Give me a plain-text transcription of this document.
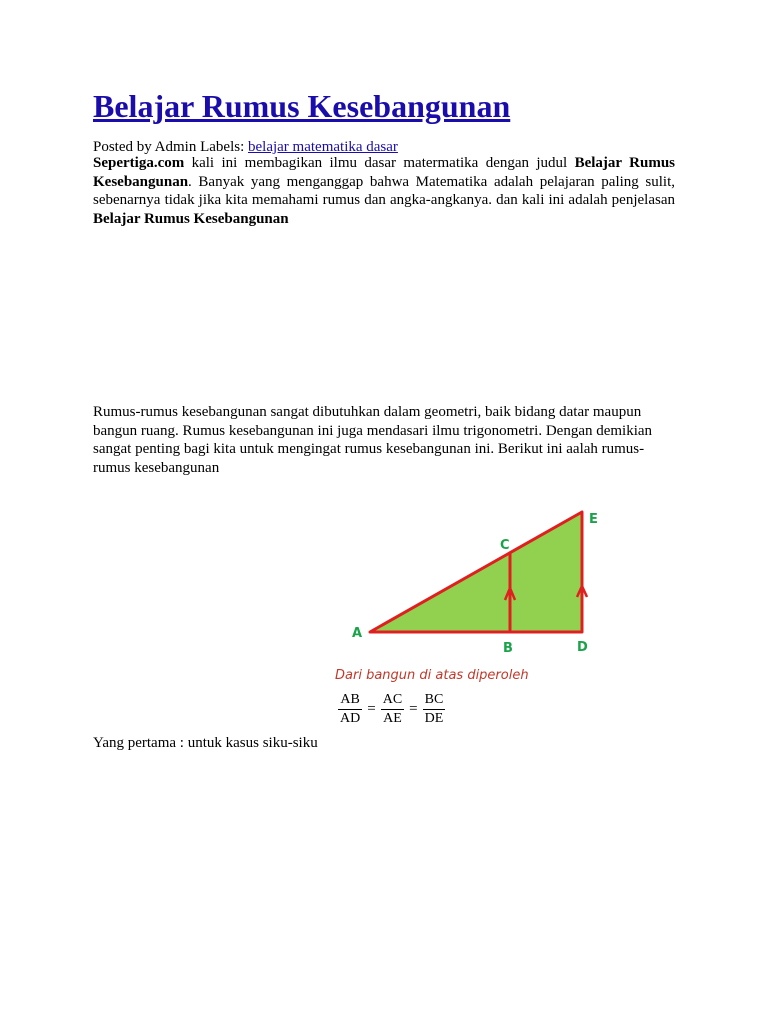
Belajar Rumus Kesebangunan
Posted by Admin Labels: belajar matematika dasar
Sepertiga.com kali ini membagikan ilmu dasar matermatika dengan judul Belajar Rumus Kesebangunan. Banyak yang menganggap bahwa Matematika adalah pelajaran paling sulit, sebenarnya tidak jika kita memahami rumus dan angka-angkanya. dan kali ini adalah penjelasan Belajar Rumus Kesebangunan

Rumus-rumus kesebangunan sangat dibutuhkan dalam geometri, baik bidang datar maupun bangun ruang. Rumus kesebangunan ini juga mendasari ilmu trigonometri. Dengan demikian sangat penting bagi kita untuk mengingat rumus kesebangunan ini. Berikut ini aalah rumus-rumus kesebangunan

A
B
C
D
E
Dari bangun di atas diperoleh
$\frac{AB}{AD} = \frac{AC}{AE} = \frac{BC}{DE}$
Yang pertama : untuk kasus siku-siku
